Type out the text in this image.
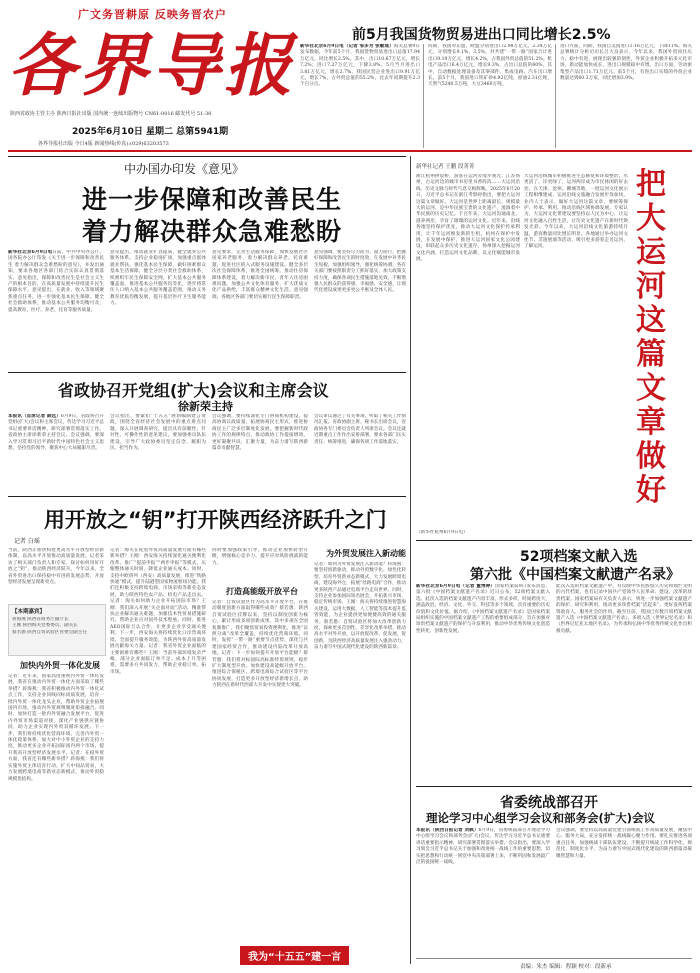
广文务晋耕原 反映务晋农户
各界导报
陕西省政协主管主办 陕西日报社出版 国内统一连续出版物号 CN61-0016 邮发代号 51-38
2025年6月10日 星期二 总第5941期
各界导报社出版 今日4版 新闻热线(传真):(029)63203573
前5月我国货物贸易进出口同比增长2.5%
新华社北京6月9日电（记者 邹多为 张敏瑶）海关总署9日发布数据，今年前5个月，我国货物贸易进出口总值17.94万亿元，同比增长2.5%。其中，出口10.67万亿元，增长7.2%；进口7.27万亿元，下降3.8%。5月当月进出口3.81万亿元，增长2.7%。我国民营企业进出口9.91万亿元，增长7%，占外贸总值的55.2%，比去年同期提升2.3个百分点。
同期，我国对东盟、欧盟分别进出口2.98万亿元、2.34万亿元，分别增长9.1%、3.5%。对共建“一带一路”国家合计进出口9.19万亿元，增长4.2%，占我国外贸总值的51.2%。机电产品出口6.4万亿元，增长9.3%，占出口总值的60%，其中，自动数据处理设备及其零部件、集成电路、汽车出口增长。前5个月，我国进口铁矿砂4.92亿吨，原油2.31亿吨，天然气5240.5万吨，大豆3460万吨。
进口方面，同期，我国自美国进口1.16万亿元，下降11%。海关总署统计分析司司长吕大良表示，今年以来，我国外贸顶住压力、稳中有进，展现出较强的韧性，外贸企业积极开拓多元化市场，新动能加快成长，进出口规模稳中有增。出口方面，劳动密集型产品出口1.71万亿元。前5个月，有进出口实绩的外贸企业数量达到60.3万家，同比增加3.9%。
中办国办印发《意见》
进一步保障和改善民生
着力解决群众急难愁盼
新华社北京6月9日电日前，中共中央办公厅、国务院办公厅印发《关于进一步保障和改善民生 着力解决群众急难愁盼的意见》，并发出通知，要求各地区各部门结合实际认真贯彻落实。意见指出，保障和改善民生是社会主义生产的根本目的，在高质量发展中持续提升民生保障水平。意见提出，在就业、收入等领域聚焦重点任务，进一步强化基本民生保障。健全社会救助体系，推动基本公共服务均衡可及，提高教育、医疗、养老、托育等服务质量。
意见提出，推动就业扩容提质，健全就业公共服务体系，支持企业稳岗扩岗，加强重点群体就业帮扶。强化基本民生保障，做好困难群众基本生活保障，健全分层分类社会救助体系，织密织牢民生保障安全网。扩大基本公共服务覆盖面，推进基本公共服务均等化，逐步将常住人口纳入基本公共服务覆盖范围，推动义务教育优质均衡发展，提升基层医疗卫生服务能力。
意见要求，完善生活服务保障，加快发展社区居家养老服务，着力解决群众养老、托育难题，促进社区嵌入式服务设施建设。健全多层次社会保障体系，推进全国统筹。推动住房保障体系建设，着力解决新市民、青年人住房困难问题。加强公共文化体育服务，扩大优质文化产品供给，丰富群众精神文化生活。意见强调，各地区各部门要切实履行民生保障职责。
意见强调，要坚持尽力而为、量力而行，把握好保障和改善民生的时度效，在发展中补齐民生短板。加强组织领导，强化统筹协调，各有关部门要按照职责分工抓好落实，加大政策支持力度，确保各项民生措施落地见效，不断增强人民群众的获得感、幸福感、安全感，让现代化建设成果更多更公平惠及全体人民。
省政协召开党组(扩大)会议和主席会议
徐新荣主持
本报讯（首席记者 薛远）6月9日，省政协召开党组(扩大)会议和主席会议，传达学习习近平总书记重要讲话精神，研究部署贯彻落实工作。省政协主席徐新荣主持会议。会议强调，要深入学习贯彻习近平新时代中国特色社会主义思想，坚持党的领导，聚焦中心大局履职尽责。
会议指出，要紧扣“十五五”规划编制建言资政，围绕全省经济社会发展中的重点难点问题，深入开展调查研究，提出具有前瞻性、针对性、可操作性的意见建议。要加强委员队伍建设，引导广大政协委员坚定信念、履职为民、担当作为。
会议强调，要持续深化专门协商机构建设，提高协商议政质量，拓展协商民主形式，推进协商民主广泛多层制度化发展。要把握新时代政协工作的规律特点，推动政协工作提质增效，更好凝聚共识、汇聚力量，为奋力谱写陕西新篇章贡献智慧。
会议审议通过了有关事项，听取了相关工作情况汇报。省政协副主席、秘书长出席会议，省政协各专门委员会负责人列席会议。会议还就近期重点工作作出安排部署，要求各部门压实责任、统筹推进，确保各项工作落地落实。
用开放之“钥”打开陕西经济跃升之门
记者 白瑶
当前，陕西正加快构建更高水平开放型经济新体制，以高水平开放推动高质量发展。记者采访了相关部门负责人和专家，探讨如何用好开放之“钥”，推动陕西经济跃升。今年以来，全省外贸进出口保持稳中有进的发展态势，开放型经济发展呈现新亮点。
【本期嘉宾】
蒋海燕 陕西省商务厅副厅长
王刚 陕西海关党委委员、副关长
蔡若愚 陕西自贸试验区管委会副主任
加快内外贸一体化发展
记者：近年来，国家高度重视内外贸一体化发展，我省在推动内外贸一体化方面采取了哪些举措？蒋海燕：我省积极推动内外贸一体化试点工作，支持企业同线同标同质发展，培育一批内外贸一体化龙头企业，帮助外贸企业拓展国内市场，推动内外贸规则制度衔接融合。同时，加快打造一批内外贸融合发展平台，促进内外贸市场渠道对接，深化产业链供应链协同，助力企业实现内外贸双循环发展。下一步，我们将持续优化营商环境，完善内外贸一体化政策体系，加大对中小外贸企业的支持力度，推动更多企业开拓国际国内两个市场，提升我省开放型经济发展水平。记者：在稳外贸方面，我省还有哪些新举措？蒋海燕：我们将实施外贸主体培育行动，扩大中间品贸易，大力发展跨境电商等新业态新模式，推动外贸稳规模优结构。
记者：海关在促进外贸高质量发展方面有哪些新举措？王刚：西安海关持续深化通关便利化改革，推广“提前申报”“两步申报”等模式，压缩整体通关时间，降低企业通关成本。同时，支持中欧班列（西安）高质量发展，推进“铁路快通”模式，提升陆港型国家物流枢纽功能。我们还积极支持跨境电商、市场采购等新业态发展，助力陕西特色农产品、机电产品走出去。记者：海关如何助力企业开拓国际市场？王刚：我们深入开展“关企面对面”活动，精准帮扶企业解决通关难题，加强技术性贸易措施研究，帮助企业应对国外技术壁垒。同时，推进AEO国际互认合作，让更多企业享受通关便利。下一步，西安海关将持续优化口岸营商环境，全面提升服务效能，为陕西外贸高质量发展贡献海关力量。记者：我省外贸企业面临的主要困难有哪些？王刚：当前外部环境复杂严峻，部分企业面临订单不足、成本上升等困难，需要多方共同发力，帮助企业稳订单、拓市场。
同时要加强政策引导，推动企业加快转型升级，增强核心竞争力，提升应对风险挑战的能力。
打造高能级开放平台
记者：自贸试验区作为高水平开放平台，在推动制度创新方面取得哪些成效？蔡若愚：陕西自贸试验区挂牌以来，坚持以制度创新为核心，累计形成多项创新成果，其中多项在全国复制推广。我们聚焦贸易投资便利化，推进“证照分离”改革全覆盖，持续优化营商环境。同时，发挥“一带一路”重要节点优势，深化与共建国家经贸合作，推动建设内陆改革开放高地。记者：下一步如何提升开放平台能级？蔡若愚：我们将对标国际高标准经贸规则，稳步扩大制度型开放，加快建设高能级开放平台，推进综合保税区、跨境电商综合试验区等平台协同发展，打造更多开放型经济新增长点，助力陕西在新时代西部大开发中实现更大突破。
为外贸发展注入新动能
记者：如何为外贸发展注入新动能？蒋海燕：要坚持创新驱动，推动外贸数字化、绿色化转型，培育外贸新业态新模式。大力发展跨境电商，建设海外仓，拓展“丝路电商”合作，推动更多陕西产品通过电商平台走向世界。同时，支持企业参加国际知名展会，开拓新兴市场，稳定传统市场。王刚：海关将持续推进智慧海关建设，运用大数据、人工智能等技术提升监管效能，为企业提供更加便捷高效的通关服务。蔡若愚：自贸试验区将加大改革创新力度，探索更多首创性、差异化改革举措，推动高水平对外开放，以开放促改革、促发展、促创新，为陕西经济高质量发展注入强劲动力，奋力谱写中国式现代化建设的陕西新篇章。
我为“十五五”建一言
新华社记者 王鹏 段菁菁
浙江杭州拱宸桥，游客在运河旁漫步观光；江苏扬州，古运河边的城市书房里书香阵阵……大运河沿线，历史文脉与时代气息交相辉映。2025年6月20日，习近平总书记在浙江考察时指出，要把大运河这篇文章做好。大运河是世界上距离最长、规模最大的运河，是中华民族宝贵的文化遗产，流淌着中华民族的历史记忆。千百年来，大运河沟通南北，滋养两岸，孕育了璀璨的运河文化。近年来，沿线各地坚持保护优先，推动大运河文化保护传承利用，让千年运河焕发新的生机。杭州在保护中发展，在发展中保护，推进大运河国家文化公园建设，串联起众多历史文化遗存。扬州深入挖掘运河文化内涵，打造运河文化品牌，以文化赋能城市发展。
大运河沿线城市积极推进生态修复和环境整治，水更清了，岸更绿了，运河两岸成为市民休闲的好去处。在天津、沧州、聊城等地，一批运河文化展示工程相继建成，运河沿线文旅融合发展步伐加快。业内人士表示，做好大运河这篇文章，要统筹保护、传承、利用，推动沿线区域协调发展。专家认为，大运河文化带建设要坚持以人民为中心，让运河文化融入百姓生活，让历史文化遗产在新时代焕发光彩。今年以来，大运河沿线文化旅游持续升温，游客数量同比增长明显。各地通过举办运河文化节、非遗展演等活动，吸引更多游客走近运河、了解运河。
把大运河这篇文章做好
（新华社杭州6月9日电）
52项档案文献入选
第六批《中国档案文献遗产名录》
新华社北京6月9日电（记者 董博婷）国家档案局9日发布消息，第六批《中国档案文献遗产名录》近日公布，52项档案文献入选。此次入选的档案文献遗产内容丰富、形式多样，时间跨度大，涵盖政治、经济、文化、外交、科技等多个领域，具有重要的历史价值和文化价值。据介绍，《中国档案文献遗产名录》是国家档案局组织实施的中国档案文献遗产工程的重要组成部分，旨在加强对珍贵档案文献遗产的保护与开发利用，推动中华优秀传统文化创造性转化、创新性发展。
此次入选的档案文献遗产中，有反映中华民族悠久历史和灿烂文明的古代档案，也有记录中国共产党领导人民革命、建设、改革的珍贵档案。国家档案局有关负责人表示，将进一步加强档案文献遗产的保护、研究和利用，推动更多珍贵档案“活起来”，更好发挥档案资政育人、服务社会的作用。截至目前，我国已有数百项档案文献遗产入选《中国档案文献遗产名录》，多项入选《世界记忆名录》和《世界记忆亚太地区名录》，为传承和弘扬中华优秀传统文化作出积极贡献。
省委统战部召开
理论学习中心组学习会议和部务会(扩大)会议
本报讯（陕西日报记者 刘枫）6月9日，省委统战部召开理论学习中心组学习会议和部务会(扩大)会议，传达学习习近平总书记重要讲话重要指示精神，研究部署贯彻落实举措。会议指出，要深入学习领会习近平总书记关于加强和改进统一战线工作的重要思想，切实把思想和行动统一到党中央决策部署上来，不断巩固和发展最广泛的爱国统一战线。
会议强调，要坚持以高质量党建引领统战工作高质量发展，聚焦中心、服务大局，充分发挥统一战线凝心聚力作用。要扎实推进各项重点任务，加强统战干部队伍建设，不断提升统战工作科学化、规范化、制度化水平，为奋力谱写中国式现代化建设的陕西新篇章凝聚智慧和力量。
责编：朱杰 编辑：程颖 校对：段新承
